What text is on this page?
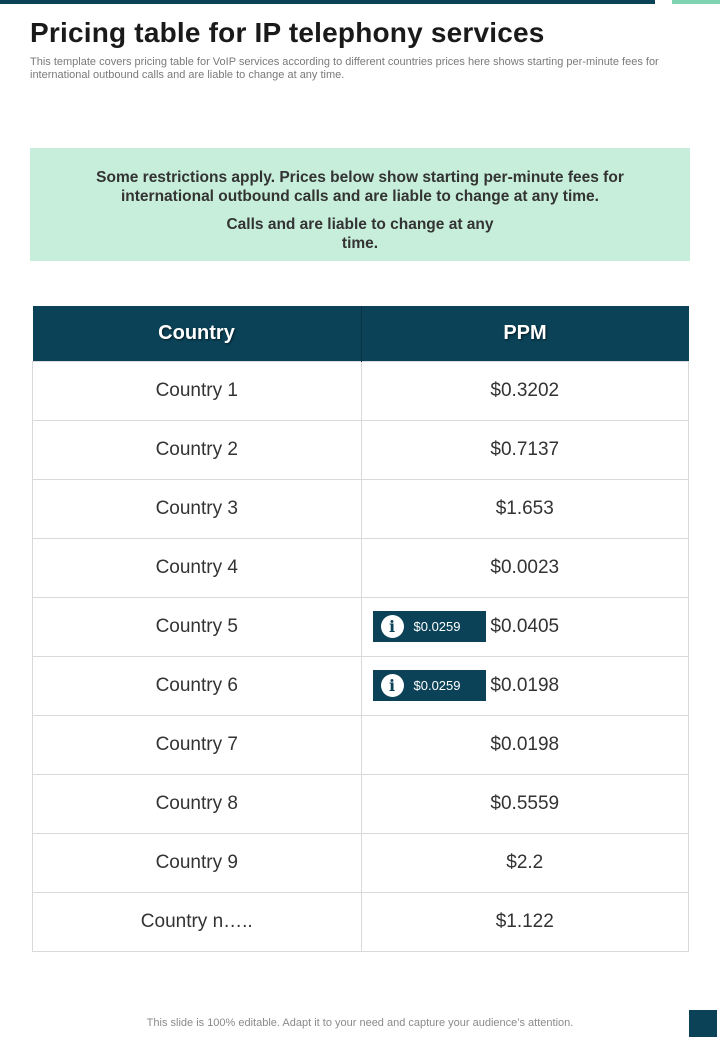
Pricing table for IP telephony services

This template covers pricing table for VoIP services according to different countries prices here shows starting per-minute fees for international outbound calls and are liable to change at any time.

Some restrictions apply. Prices below show starting per-minute fees for international outbound calls and are liable to change at any time.

Calls and are liable to change at any time.

Country	PPM
Country 1	$0.3202
Country 2	$0.7137
Country 3	$1.653
Country 4	$0.0023
Country 5	i $0.0259 $0.0405
Country 6	i $0.0259 $0.0198
Country 7	$0.0198
Country 8	$0.5559
Country 9	$2.2
Country n…..	$1.122

This slide is 100% editable. Adapt it to your need and capture your audience’s attention.
